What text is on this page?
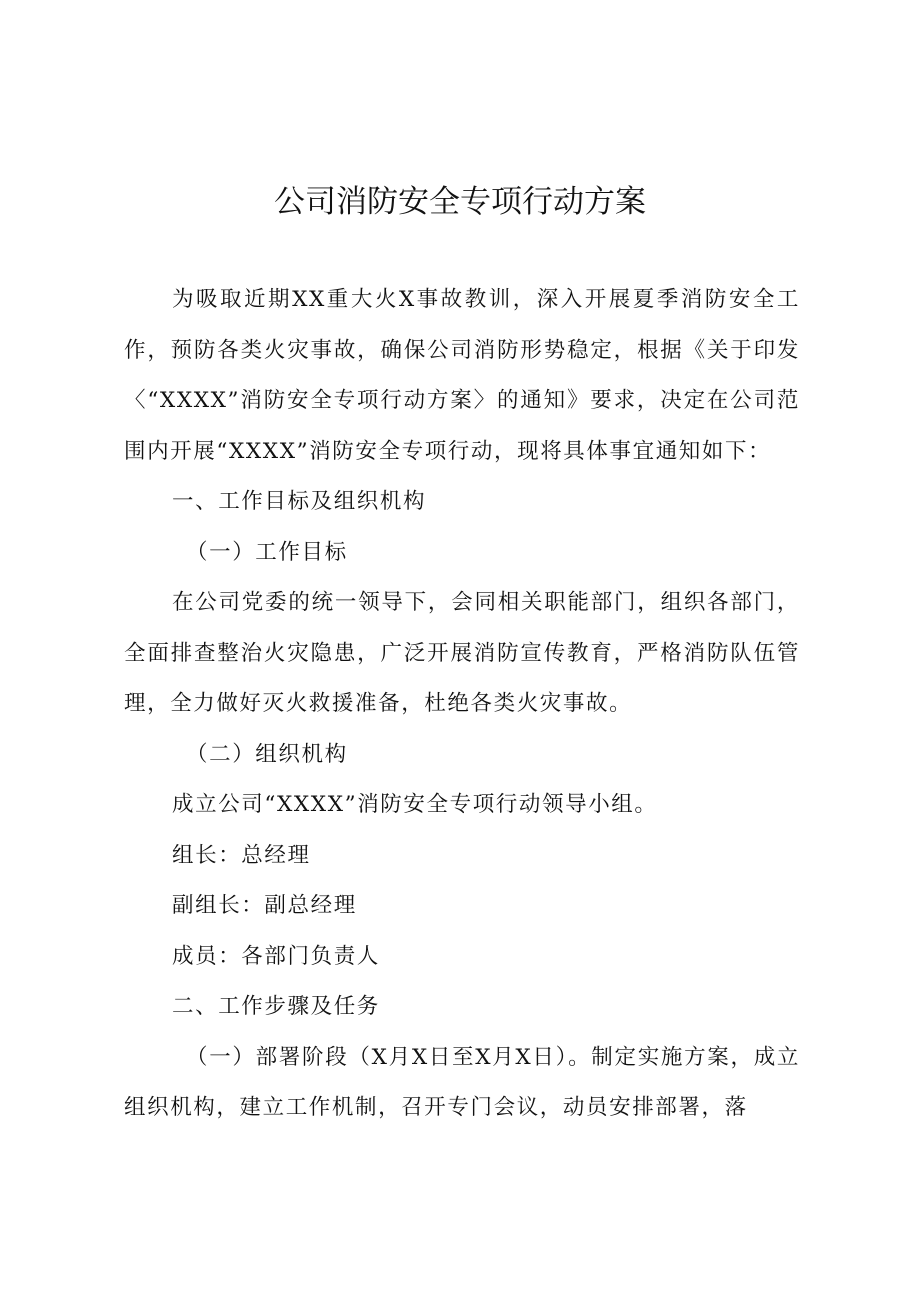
公司消防安全专项行动方案

为吸取近期XX重大火X事故教训，深入开展夏季消防安全工作，预防各类火灾事故，确保公司消防形势稳定，根据《关于印发〈“XXXX”消防安全专项行动方案〉的通知》要求，决定在公司范围内开展“XXXX”消防安全专项行动，现将具体事宜通知如下：

一、工作目标及组织机构

（一）工作目标

在公司党委的统一领导下，会同相关职能部门，组织各部门，全面排查整治火灾隐患，广泛开展消防宣传教育，严格消防队伍管理，全力做好灭火救援准备，杜绝各类火灾事故。

（二）组织机构

成立公司“XXXX”消防安全专项行动领导小组。

组长：总经理

副组长：副总经理

成员：各部门负责人

二、工作步骤及任务

（一）部署阶段（X月X日至X月X日）。制定实施方案，成立组织机构，建立工作机制，召开专门会议，动员安排部署，落
